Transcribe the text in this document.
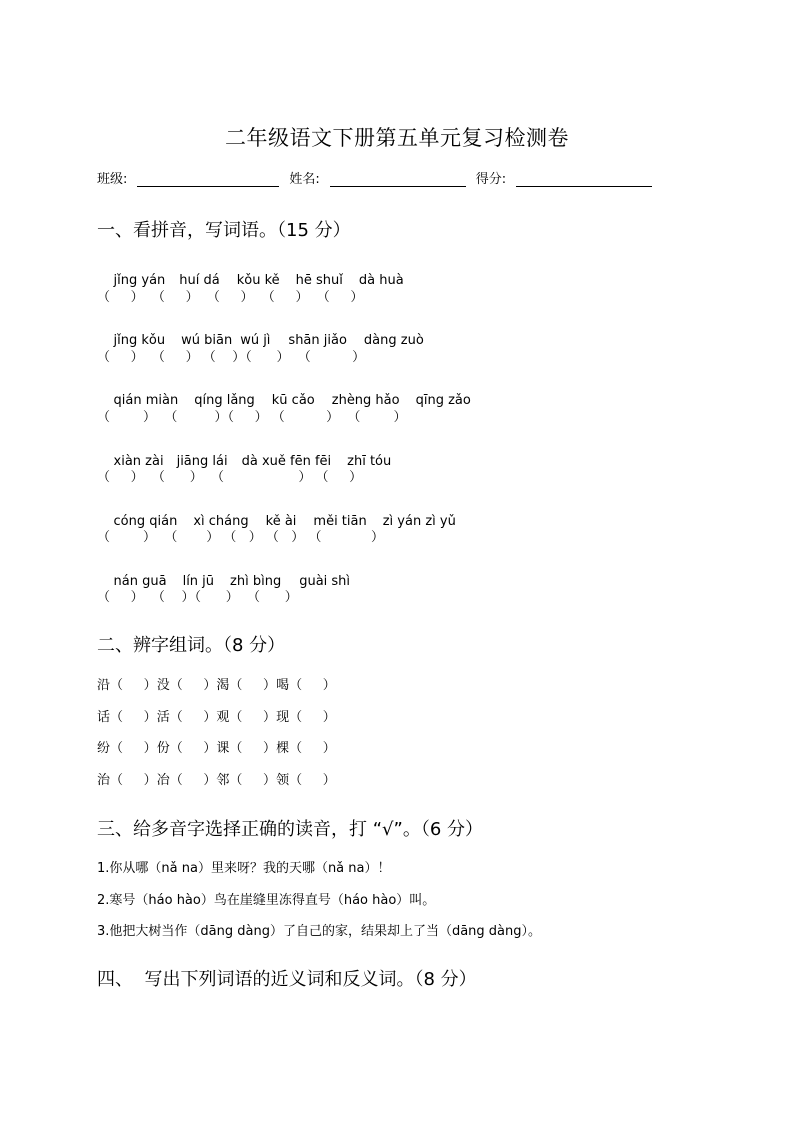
二年级语文下册第五单元复习检测卷
班级:	姓名:	得分:
一、看拼音，写词语。（15 分）

jǐng yán huí dá kǒu kě hē shuǐ dà huà

（     ）  （     ）  （     ）  （     ）  （     ）

jǐng kǒu wú biān wú jì shān jiǎo dàng zuò

（     ）  （     ） （    ）（      ）  （          ）

qián miàn qíng lǎng kū cǎo zhèng hǎo qīng zǎo

（        ）  （         ）（     ） （          ）  （        ）

xiàn zài jiāng lái dà xuě fēn fēi zhī tóu

（     ）  （      ）  （                  ） （     ）

cóng qián xì cháng kě ài měi tiān zì yán zì yǔ

（        ）  （       ） （   ） （   ） （            ）

nán guā lín jū zhì bìng guài shì

（     ）  （    ）（      ）  （      ）
二、辨字组词。（8 分）
沿（     ）没（     ）渴（     ）喝（     ）
话（     ）活（     ）观（     ）现（     ）
纷（     ）份（     ）课（     ）棵（     ）
治（     ）冶（     ）邻（     ）领（     ）
三、给多音字选择正确的读音，打 “√”。（6 分）
1.你从哪（nǎ na）里来呀？我的天哪（nǎ na）！
2.寒号（háo hào）鸟在崖缝里冻得直号（háo hào）叫。
3.他把大树当作（dāng dàng）了自己的家，结果却上了当（dāng dàng）。
四、  写出下列词语的近义词和反义词。（8 分）
